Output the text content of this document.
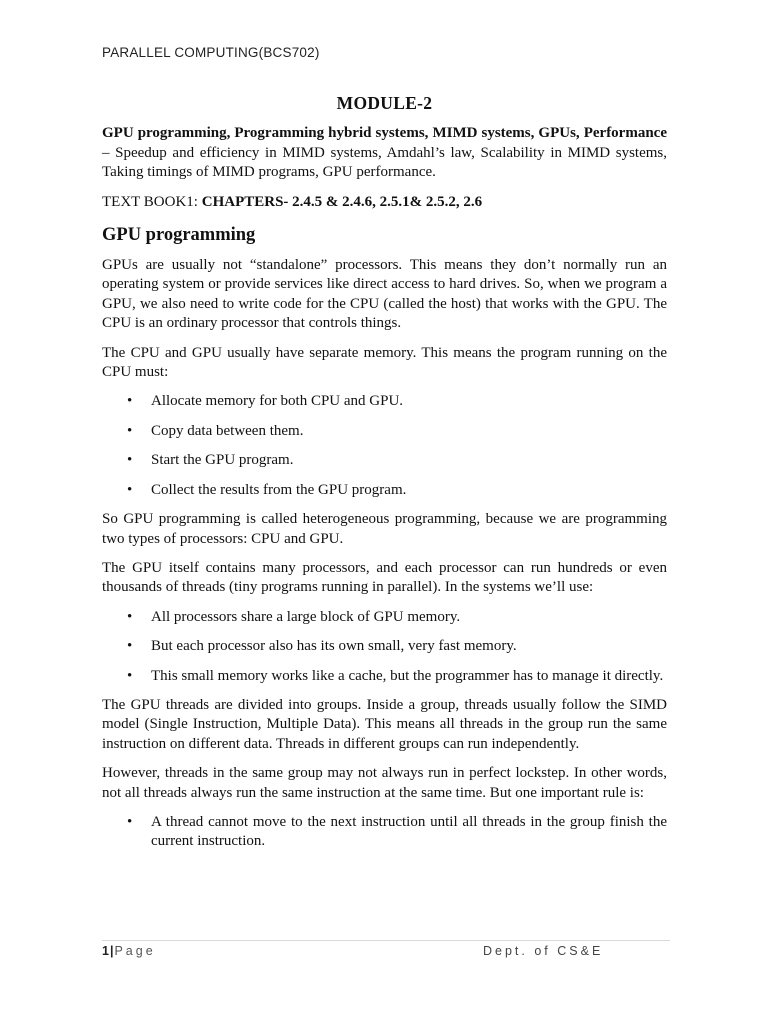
PARALLEL COMPUTING(BCS702)
MODULE-2

GPU programming, Programming hybrid systems, MIMD systems, GPUs, Performance – Speedup and efficiency in MIMD systems, Amdahl’s law, Scalability in MIMD systems, Taking timings of MIMD programs, GPU performance.

TEXT BOOK1: CHAPTERS- 2.4.5 & 2.4.6, 2.5.1& 2.5.2, 2.6

GPU programming

GPUs are usually not “standalone” processors. This means they don’t normally run an operating system or provide services like direct access to hard drives. So, when we program a GPU, we also need to write code for the CPU (called the host) that works with the GPU. The CPU is an ordinary processor that controls things.

The CPU and GPU usually have separate memory. This means the program running on the CPU must:

• Allocate memory for both CPU and GPU.
• Copy data between them.
• Start the GPU program.
• Collect the results from the GPU program.

So GPU programming is called heterogeneous programming, because we are programming two types of processors: CPU and GPU.

The GPU itself contains many processors, and each processor can run hundreds or even thousands of threads (tiny programs running in parallel). In the systems we’ll use:

• All processors share a large block of GPU memory.
• But each processor also has its own small, very fast memory.
• This small memory works like a cache, but the programmer has to manage it directly.

The GPU threads are divided into groups. Inside a group, threads usually follow the SIMD model (Single Instruction, Multiple Data). This means all threads in the group run the same instruction on different data. Threads in different groups can run independently.

However, threads in the same group may not always run in perfect lockstep. In other words, not all threads always run the same instruction at the same time. But one important rule is:

• A thread cannot move to the next instruction until all threads in the group finish the current instruction.
1|Page	Dept. of CS&E
